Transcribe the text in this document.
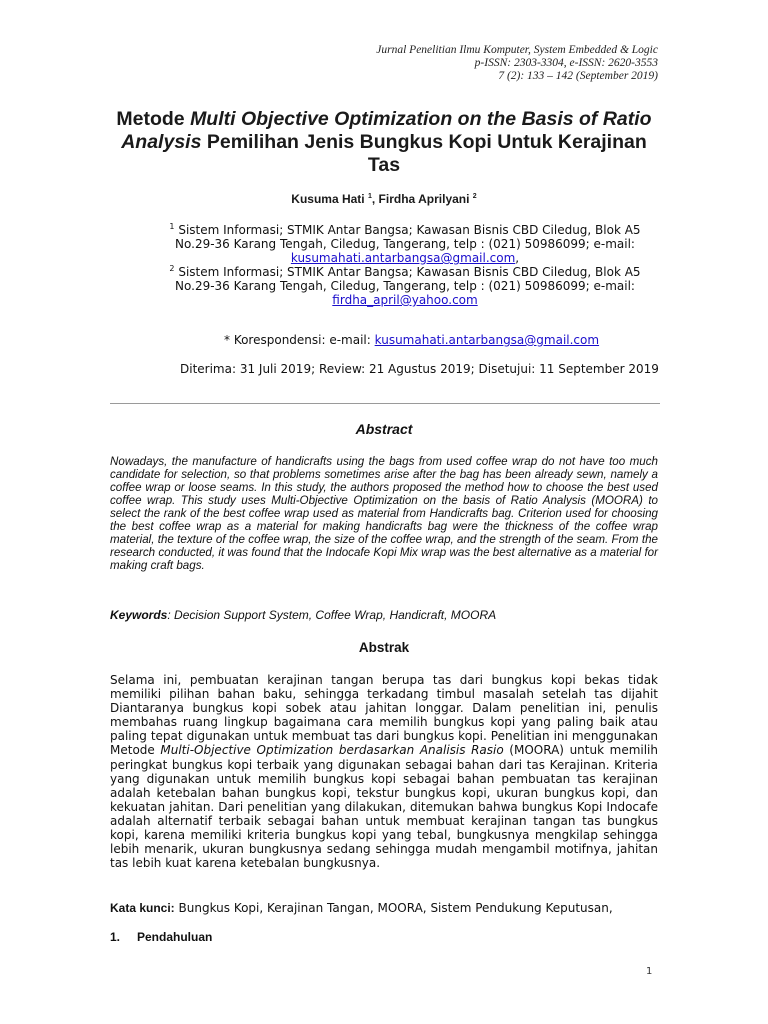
Jurnal Penelitian Ilmu Komputer, System Embedded & Logic
p-ISSN: 2303-3304, e-ISSN: 2620-3553
7 (2): 133 – 142 (September 2019)
Metode Multi Objective Optimization on the Basis of Ratio Analysis Pemilihan Jenis Bungkus Kopi Untuk Kerajinan Tas
Kusuma Hati $^1$, Firdha Aprilyani $^2$
$^1$ Sistem Informasi; STMIK Antar Bangsa; Kawasan Bisnis CBD Ciledug, Blok A5 No.29-36 Karang Tengah, Ciledug, Tangerang, telp : (021) 50986099; e-mail: kusumahati.antarbangsa@gmail.com,
$^2$ Sistem Informasi; STMIK Antar Bangsa; Kawasan Bisnis CBD Ciledug, Blok A5 No.29-36 Karang Tengah, Ciledug, Tangerang, telp : (021) 50986099; e-mail: firdha_april@yahoo.com
* Korespondensi: e-mail: kusumahati.antarbangsa@gmail.com
Diterima: 31 Juli 2019; Review: 21 Agustus 2019; Disetujui: 11 September 2019
Abstract
Nowadays, the manufacture of handicrafts using the bags from used coffee wrap do not have too much candidate for selection, so that problems sometimes arise after the bag has been already sewn, namely a coffee wrap or loose seams. In this study, the authors proposed the method how to choose the best used coffee wrap. This study uses Multi-Objective Optimization on the basis of Ratio Analysis (MOORA) to select the rank of the best coffee wrap used as material from Handicrafts bag. Criterion used for choosing the best coffee wrap as a material for making handicrafts bag were the thickness of the coffee wrap material, the texture of the coffee wrap, the size of the coffee wrap, and the strength of the seam. From the research conducted, it was found that the Indocafe Kopi Mix wrap was the best alternative as a material for making craft bags.
Keywords: Decision Support System, Coffee Wrap, Handicraft, MOORA
Abstrak
Selama ini, pembuatan kerajinan tangan berupa tas dari bungkus kopi bekas tidak memiliki pilihan bahan baku, sehingga terkadang timbul masalah setelah tas dijahit Diantaranya bungkus kopi sobek atau jahitan longgar. Dalam penelitian ini, penulis membahas ruang lingkup bagaimana cara memilih bungkus kopi yang paling baik atau paling tepat digunakan untuk membuat tas dari bungkus kopi. Penelitian ini menggunakan Metode Multi-Objective Optimization berdasarkan Analisis Rasio (MOORA) untuk memilih peringkat bungkus kopi terbaik yang digunakan sebagai bahan dari tas Kerajinan. Kriteria yang digunakan untuk memilih bungkus kopi sebagai bahan pembuatan tas kerajinan adalah ketebalan bahan bungkus kopi, tekstur bungkus kopi, ukuran bungkus kopi, dan kekuatan jahitan. Dari penelitian yang dilakukan, ditemukan bahwa bungkus Kopi Indocafe adalah alternatif terbaik sebagai bahan untuk membuat kerajinan tangan tas bungkus kopi, karena memiliki kriteria bungkus kopi yang tebal, bungkusnya mengkilap sehingga lebih menarik, ukuran bungkusnya sedang sehingga mudah mengambil motifnya, jahitan tas lebih kuat karena ketebalan bungkusnya.
Kata kunci: Bungkus Kopi, Kerajinan Tangan, MOORA, Sistem Pendukung Keputusan,
1. Pendahuluan
1
